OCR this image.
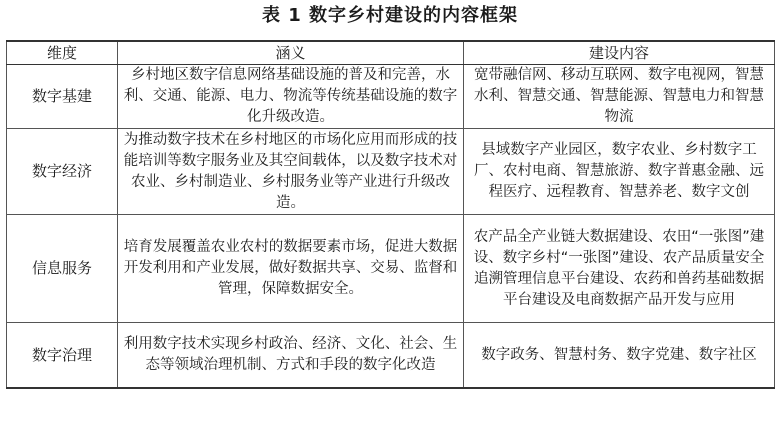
表 1 数字乡村建设的内容框架
维度	涵义	建设内容
数字基建	乡村地区数字信息网络基础设施的普及和完善，水利、交通、能源、电力、物流等传统基础设施的数字化升级改造。	宽带融信网、移动互联网、数字电视网，智慧水利、智慧交通、智慧能源、智慧电力和智慧物流
数字经济	为推动数字技术在乡村地区的市场化应用而形成的技能培训等数字服务业及其空间载体，以及数字技术对农业、乡村制造业、乡村服务业等产业进行升级改造。	县域数字产业园区，数字农业、乡村数字工厂、农村电商、智慧旅游、数字普惠金融、远程医疗、远程教育、智慧养老、数字文创
信息服务	培育发展覆盖农业农村的数据要素市场，促进大数据开发利用和产业发展，做好数据共享、交易、监督和管理，保障数据安全。	农产品全产业链大数据建设、农田“一张图”建设、数字乡村“一张图”建设、农产品质量安全追溯管理信息平台建设、农药和兽药基础数据平台建设及电商数据产品开发与应用
数字治理	利用数字技术实现乡村政治、经济、文化、社会、生态等领域治理机制、方式和手段的数字化改造	数字政务、智慧村务、数字党建、数字社区
